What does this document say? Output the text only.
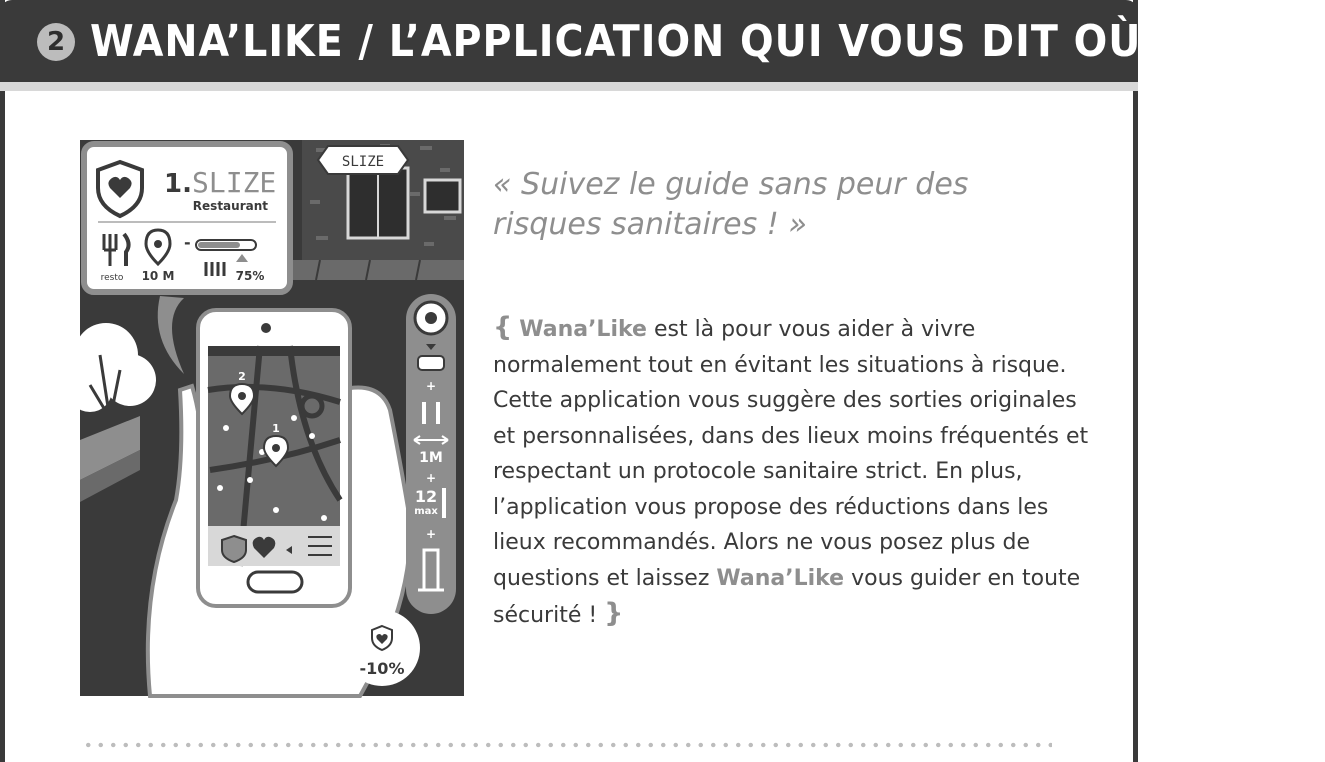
2 WANA’LIKE / L’APPLICATION QUI VOUS DIT OÙ SORTIR
SLIZE
1. SLIZE
Restaurant
resto 10 M
-
75%
2
1
+
1M
+
12
max
+
-10%
« Suivez le guide sans peur des risques sanitaires ! »
{ Wana’Like est là pour vous aider à vivre normalement tout en évitant les situations à risque. Cette application vous suggère des sorties originales et personnalisées, dans des lieux moins fréquentés et respectant un protocole sanitaire strict. En plus, l’application vous propose des réductions dans les lieux recommandés. Alors ne vous posez plus de questions et laissez Wana’Like vous guider en toute sécurité ! }
